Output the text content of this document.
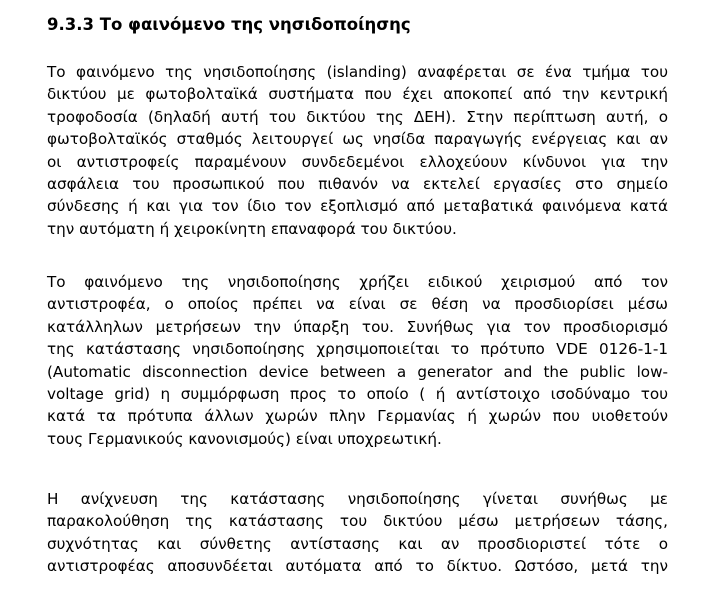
9.3.3 Το φαινόμενο της νησιδοποίησης
Το φαινόμενο της νησιδοποίησης (islanding) αναφέρεται σε ένα τμήμα του
δικτύου με φωτοβολταϊκά συστήματα που έχει αποκοπεί από την κεντρική
τροφοδοσία (δηλαδή αυτή του δικτύου της ΔΕΗ). Στην περίπτωση αυτή, ο
φωτοβολταϊκός σταθμός λειτουργεί ως νησίδα παραγωγής ενέργειας και αν
οι αντιστροφείς παραμένουν συνδεδεμένοι ελλοχεύουν κίνδυνοι για την
ασφάλεια του προσωπικού που πιθανόν να εκτελεί εργασίες στο σημείο
σύνδεσης ή και για τον ίδιο τον εξοπλισμό από μεταβατικά φαινόμενα κατά
την αυτόματη ή χειροκίνητη επαναφορά του δικτύου.
Το φαινόμενο της νησιδοποίησης χρήζει ειδικού χειρισμού από τον
αντιστροφέα, ο οποίος πρέπει να είναι σε θέση να προσδιορίσει μέσω
κατάλληλων μετρήσεων την ύπαρξη του. Συνήθως για τον προσδιορισμό
της κατάστασης νησιδοποίησης χρησιμοποιείται το πρότυπο VDE 0126-1-1
(Automatic disconnection device between a generator and the public low-
voltage grid) η συμμόρφωση προς το οποίο ( ή αντίστοιχο ισοδύναμο του
κατά τα πρότυπα άλλων χωρών πλην Γερμανίας ή χωρών που υιοθετούν
τους Γερμανικούς κανονισμούς) είναι υποχρεωτική.
Η ανίχνευση της κατάστασης νησιδοποίησης γίνεται συνήθως με
παρακολούθηση της κατάστασης του δικτύου μέσω μετρήσεων τάσης,
συχνότητας και σύνθετης αντίστασης και αν προσδιοριστεί τότε ο
αντιστροφέας αποσυνδέεται αυτόματα από το δίκτυο. Ωστόσο, μετά την
